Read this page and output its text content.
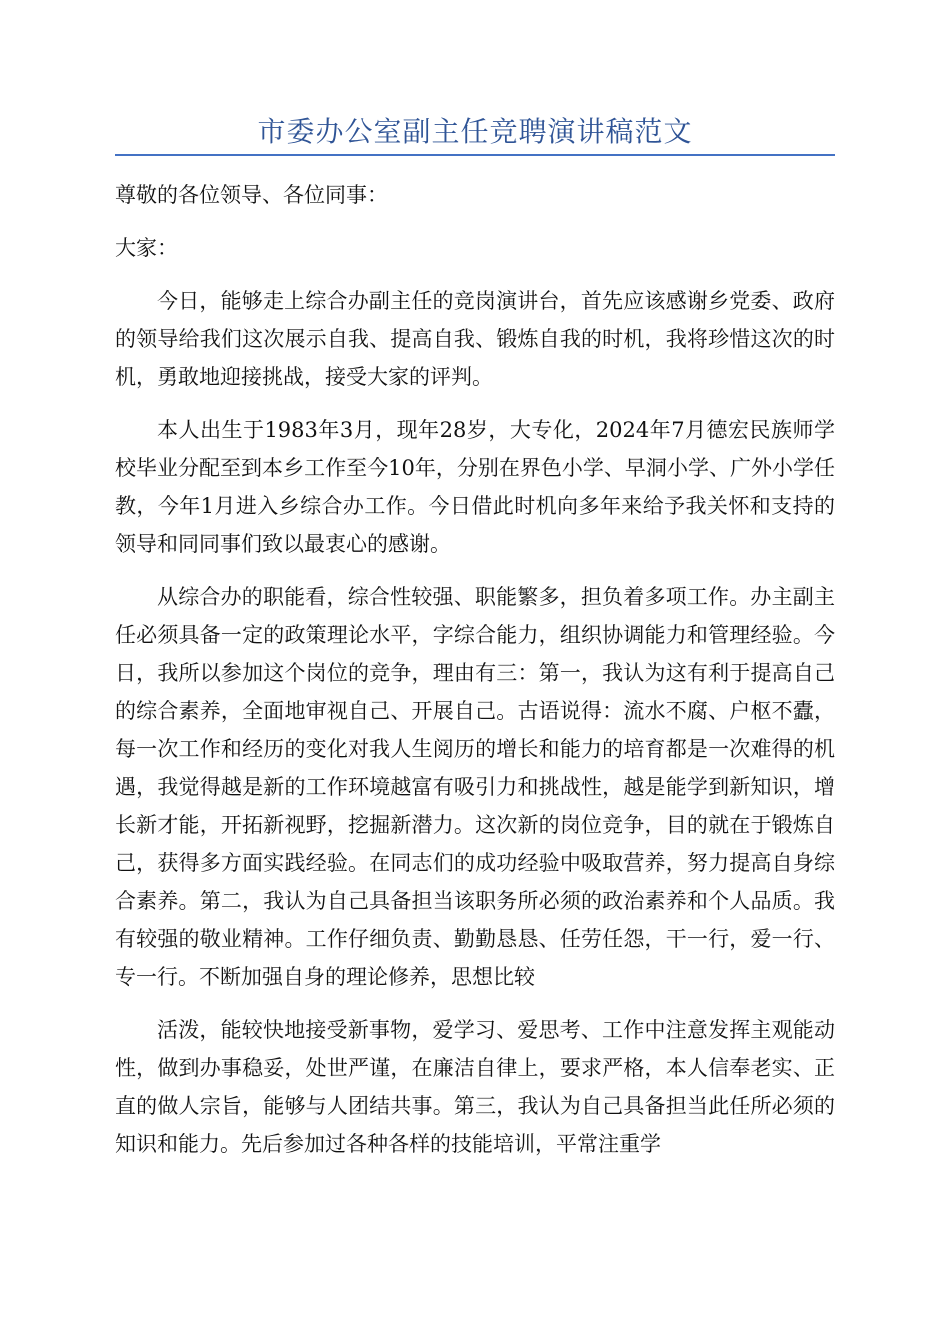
市委办公室副主任竞聘演讲稿范文

尊敬的各位领导、各位同事：

大家：

今日，能够走上综合办副主任的竞岗演讲台，首先应该感谢乡党委、政府的领导给我们这次展示自我、提高自我、锻炼自我的时机，我将珍惜这次的时机，勇敢地迎接挑战，接受大家的评判。

本人出生于1983年3月，现年28岁，大专化，2024年7月德宏民族师学校毕业分配至到本乡工作至今10年，分别在界色小学、早洞小学、广外小学任教，今年1月进入乡综合办工作。今日借此时机向多年来给予我关怀和支持的领导和同同事们致以最衷心的感谢。

从综合办的职能看，综合性较强、职能繁多，担负着多项工作。办主副主任必须具备一定的政策理论水平，字综合能力，组织协调能力和管理经验。今日，我所以参加这个岗位的竞争，理由有三：第一，我认为这有利于提高自己的综合素养，全面地审视自己、开展自己。古语说得：流水不腐、户枢不蠹，每一次工作和经历的变化对我人生阅历的增长和能力的培育都是一次难得的机遇，我觉得越是新的工作环境越富有吸引力和挑战性，越是能学到新知识，增长新才能，开拓新视野，挖掘新潜力。这次新的岗位竞争，目的就在于锻炼自己，获得多方面实践经验。在同志们的成功经验中吸取营养，努力提高自身综合素养。第二，我认为自己具备担当该职务所必须的政治素养和个人品质。我有较强的敬业精神。工作仔细负责、勤勤恳恳、任劳任怨，干一行，爱一行、专一行。不断加强自身的理论修养，思想比较

活泼，能较快地接受新事物，爱学习、爱思考、工作中注意发挥主观能动性，做到办事稳妥，处世严谨，在廉洁自律上，要求严格，本人信奉老实、正直的做人宗旨，能够与人团结共事。第三，我认为自己具备担当此任所必须的知识和能力。先后参加过各种各样的技能培训，平常注重学
